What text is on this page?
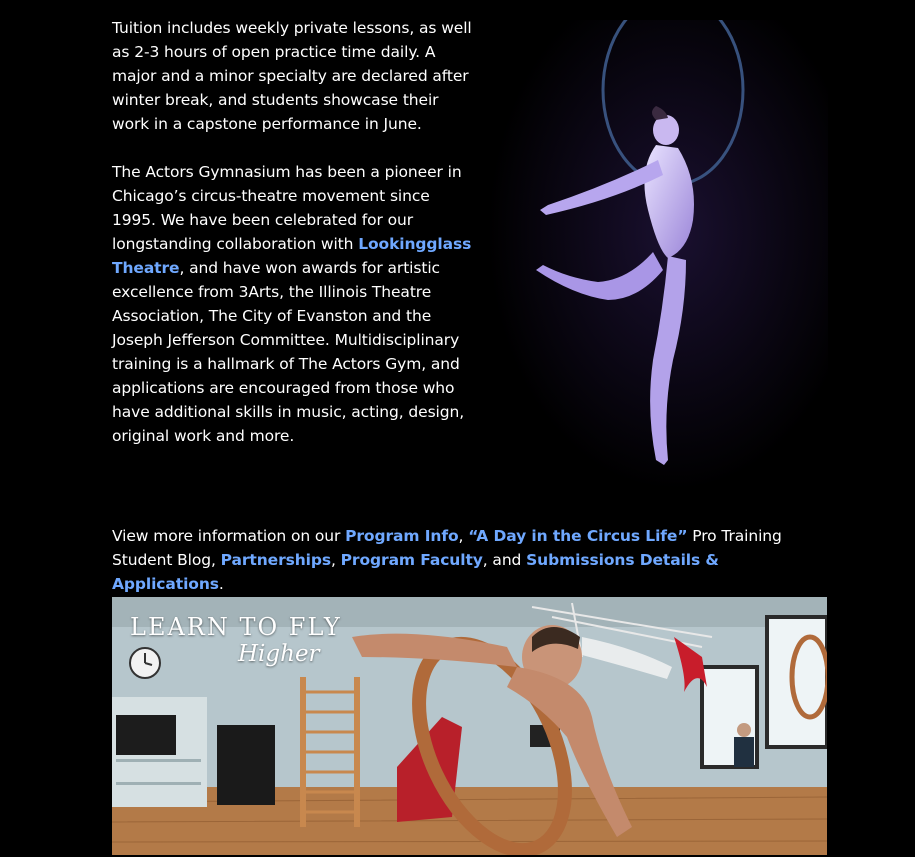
Tuition includes weekly private lessons, as well as 2-3 hours of open practice time daily. A major and a minor specialty are declared after winter break, and students showcase their work in a capstone performance in June.

The Actors Gymnasium has been a pioneer in Chicago’s circus-theatre movement since 1995. We have been celebrated for our longstanding collaboration with Lookingglass Theatre, and have won awards for artistic excellence from 3Arts, the Illinois Theatre Association, The City of Evanston and the Joseph Jefferson Committee. Multidisciplinary training is a hallmark of The Actors Gym, and applications are encouraged from those who have additional skills in music, acting, design, original work and more.

View more information on our Program Info, “A Day in the Circus Life” Pro Training Student Blog, Partnerships, Program Faculty, and Submissions Details & Applications.
LEARN TO FLY
Higher
